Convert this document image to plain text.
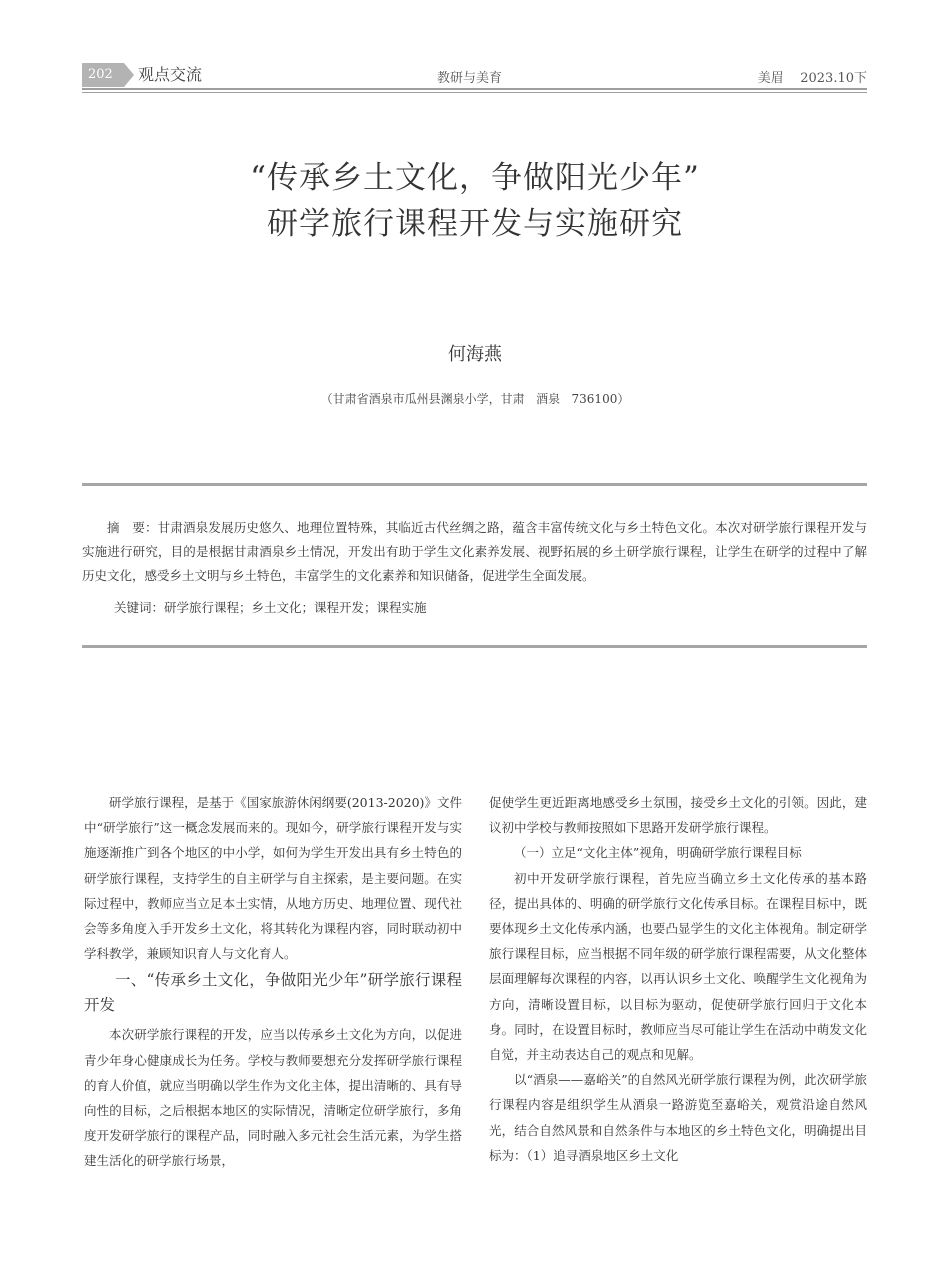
202	观点交流	教研与美育	美眉    2023.10下
“传承乡土文化，争做阳光少年”
研学旅行课程开发与实施研究
何海燕
（甘肃省酒泉市瓜州县渊泉小学，甘肃   酒泉   736100）

摘　要：甘肃酒泉发展历史悠久、地理位置特殊，其临近古代丝绸之路，蕴含丰富传统文化与乡土特色文化。本次对研学旅行课程开发与实施进行研究，目的是根据甘肃酒泉乡土情况，开发出有助于学生文化素养发展、视野拓展的乡土研学旅行课程，让学生在研学的过程中了解历史文化，感受乡土文明与乡土特色，丰富学生的文化素养和知识储备，促进学生全面发展。

关键词：研学旅行课程；乡土文化；课程开发；课程实施

研学旅行课程，是基于《国家旅游休闲纲要(2013-2020)》文件中“研学旅行”这一概念发展而来的。现如今，研学旅行课程开发与实施逐渐推广到各个地区的中小学，如何为学生开发出具有乡土特色的研学旅行课程，支持学生的自主研学与自主探索，是主要问题。在实际过程中，教师应当立足本土实情，从地方历史、地理位置、现代社会等多角度入手开发乡土文化，将其转化为课程内容，同时联动初中学科教学，兼顾知识育人与文化育人。

一、“传承乡土文化，争做阳光少年”研学旅行课程开发

本次研学旅行课程的开发，应当以传承乡土文化为方向，以促进青少年身心健康成长为任务。学校与教师要想充分发挥研学旅行课程的育人价值，就应当明确以学生作为文化主体，提出清晰的、具有导向性的目标，之后根据本地区的实际情况，清晰定位研学旅行，多角度开发研学旅行的课程产品，同时融入多元社会生活元素，为学生搭建生活化的研学旅行场景，

促使学生更近距离地感受乡土氛围，接受乡土文化的引领。因此，建议初中学校与教师按照如下思路开发研学旅行课程。

（一）立足“文化主体”视角，明确研学旅行课程目标

初中开发研学旅行课程，首先应当确立乡土文化传承的基本路径，提出具体的、明确的研学旅行文化传承目标。在课程目标中，既要体现乡土文化传承内涵，也要凸显学生的文化主体视角。制定研学旅行课程目标，应当根据不同年级的研学旅行课程需要，从文化整体层面理解每次课程的内容，以再认识乡土文化、唤醒学生文化视角为方向，清晰设置目标，以目标为驱动，促使研学旅行回归于文化本身。同时，在设置目标时，教师应当尽可能让学生在活动中萌发文化自觉，并主动表达自己的观点和见解。

以“酒泉——嘉峪关”的自然风光研学旅行课程为例，此次研学旅行课程内容是组织学生从酒泉一路游览至嘉峪关，观赏沿途自然风光，结合自然风景和自然条件与本地区的乡土特色文化，明确提出目标为：（1）追寻酒泉地区乡土文化
